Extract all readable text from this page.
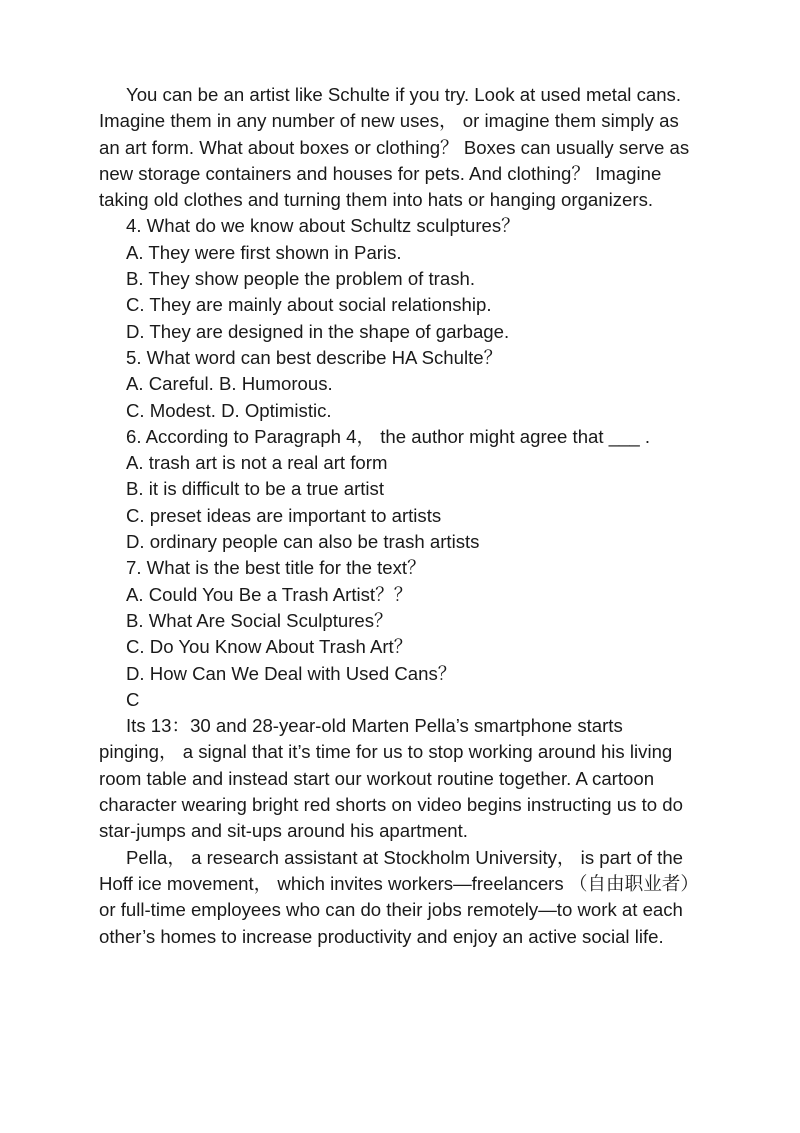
You can be an artist like Schulte if you try. Look at used metal cans. Imagine them in any number of new uses， or imagine them simply as an art form. What about boxes or clothing？ Boxes can usually serve as new storage containers and houses for pets. And clothing？ Imagine taking old clothes and turning them into hats or hanging organizers.

4. What do we know about Schultz sculptures？

A. They were first shown in Paris.

B. They show people the problem of trash.

C. They are mainly about social relationship.

D. They are designed in the shape of garbage.

5. What word can best describe HA Schulte？

A. Careful. B. Humorous.

C. Modest. D. Optimistic.

6. According to Paragraph 4， the author might agree that ___ .

A. trash art is not a real art form

B. it is difficult to be a true artist

C. preset ideas are important to artists

D. ordinary people can also be trash artists

7. What is the best title for the text？

A. Could You Be a Trash Artist？？

B. What Are Social Sculptures？

C. Do You Know About Trash Art？

D. How Can We Deal with Used Cans？

C

Its 13：30 and 28-year-old Marten Pella’s smartphone starts pinging， a signal that it’s time for us to stop working around his living room table and instead start our workout routine together. A cartoon character wearing bright red shorts on video begins instructing us to do star-jumps and sit-ups around his apartment.

Pella， a research assistant at Stockholm University， is part of the Hoff ice movement， which invites workers—freelancers （自由职业者） or full-time employees who can do their jobs remotely—to work at each other’s homes to increase productivity and enjoy an active social life.
